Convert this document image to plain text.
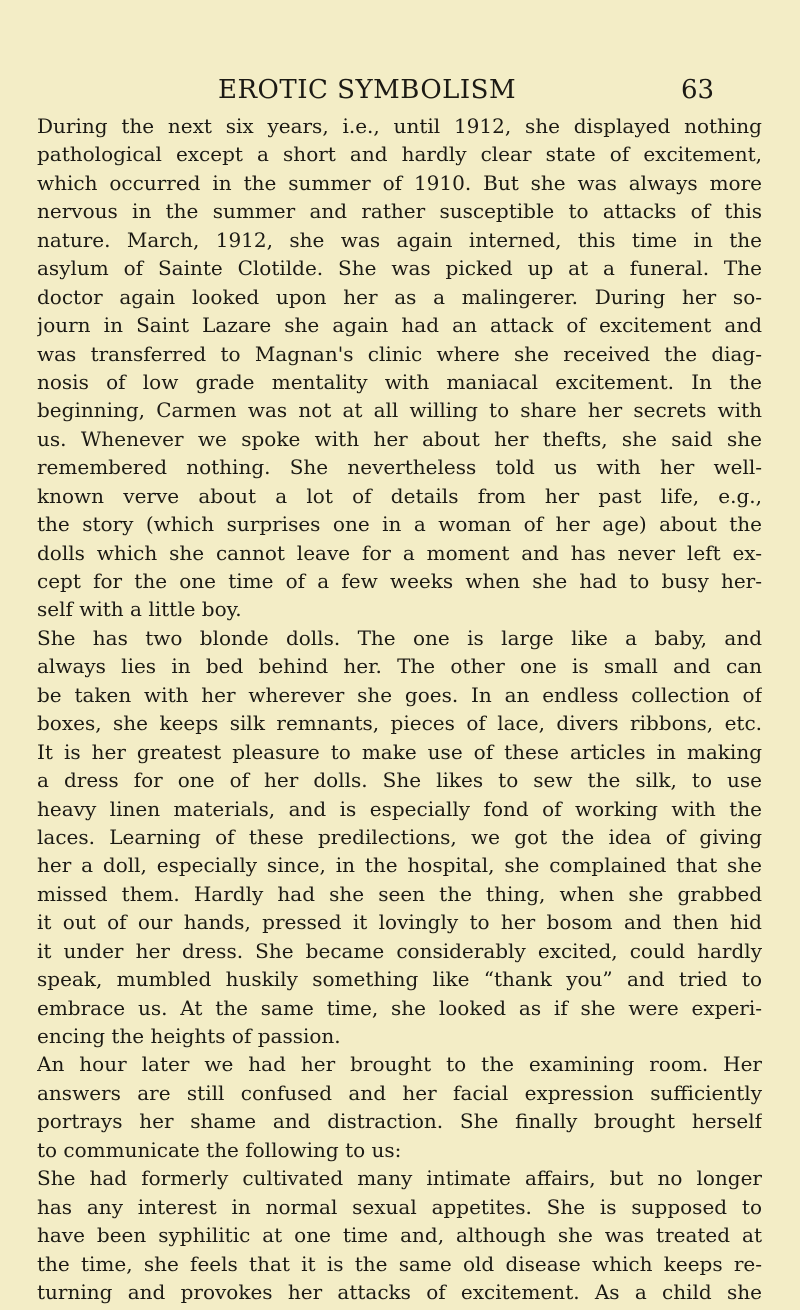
EROTIC SYMBOLISM	63
During the next six years, i.e., until 1912, she displayed nothing
pathological except a short and hardly clear state of excitement,
which occurred in the summer of 1910. But she was always more
nervous in the summer and rather susceptible to attacks of this
nature. March, 1912, she was again interned, this time in the
asylum of Sainte Clotilde. She was picked up at a funeral. The
doctor again looked upon her as a malingerer. During her so-
journ in Saint Lazare she again had an attack of excitement and
was transferred to Magnan's clinic where she received the diag-
nosis of low grade mentality with maniacal excitement. In the
beginning, Carmen was not at all willing to share her secrets with
us. Whenever we spoke with her about her thefts, she said she
remembered nothing. She nevertheless told us with her well-
known verve about a lot of details from her past life, e.g.,
the story (which surprises one in a woman of her age) about the
dolls which she cannot leave for a moment and has never left ex-
cept for the one time of a few weeks when she had to busy her-
self with a little boy.
She has two blonde dolls. The one is large like a baby, and
always lies in bed behind her. The other one is small and can
be taken with her wherever she goes. In an endless collection of
boxes, she keeps silk remnants, pieces of lace, divers ribbons, etc.
It is her greatest pleasure to make use of these articles in making
a dress for one of her dolls. She likes to sew the silk, to use
heavy linen materials, and is especially fond of working with the
laces. Learning of these predilections, we got the idea of giving
her a doll, especially since, in the hospital, she complained that she
missed them. Hardly had she seen the thing, when she grabbed
it out of our hands, pressed it lovingly to her bosom and then hid
it under her dress. She became considerably excited, could hardly
speak, mumbled huskily something like “thank you” and tried to
embrace us. At the same time, she looked as if she were experi-
encing the heights of passion.
An hour later we had her brought to the examining room. Her
answers are still confused and her facial expression sufficiently
portrays her shame and distraction. She finally brought herself
to communicate the following to us:
She had formerly cultivated many intimate affairs, but no longer
has any interest in normal sexual appetites. She is supposed to
have been syphilitic at one time and, although she was treated at
the time, she feels that it is the same old disease which keeps re-
turning and provokes her attacks of excitement. As a child she
